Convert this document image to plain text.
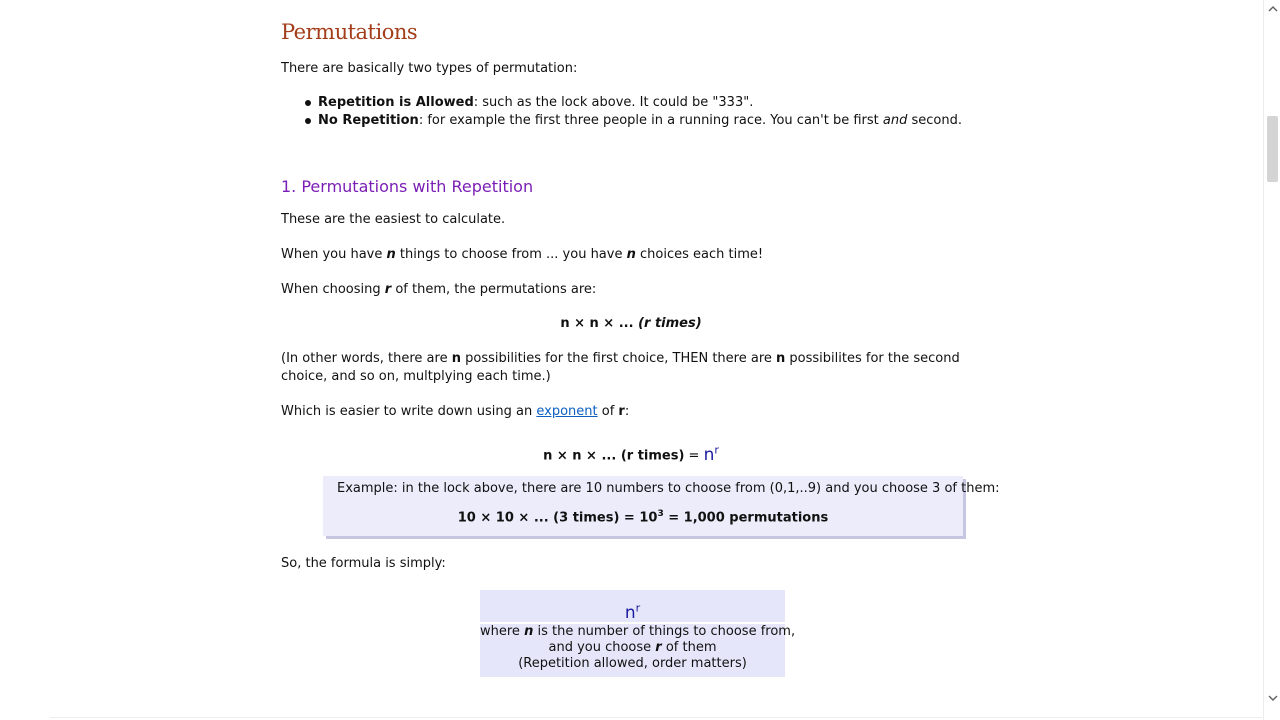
Permutations

There are basically two types of permutation:

Repetition is Allowed: such as the lock above. It could be "333".
No Repetition: for example the first three people in a running race. You can't be first and second.
1. Permutations with Repetition

These are the easiest to calculate.

When you have n things to choose from ... you have n choices each time!

When choosing r of them, the permutations are:

n × n × ... (r times)

(In other words, there are n possibilities for the first choice, THEN there are n possibilites for the second choice, and so on, multplying each time.)

Which is easier to write down using an exponent of r:

n × n × ... (r times) = $n^r$
Example: in the lock above, there are 10 numbers to choose from (0,1,..9) and you choose 3 of them:
10 × 10 × ... (3 times) = $10^3 = 1,000$ permutations

So, the formula is simply:

$n^r$
where n is the number of things to choose from,
and you choose r of them
(Repetition allowed, order matters)
